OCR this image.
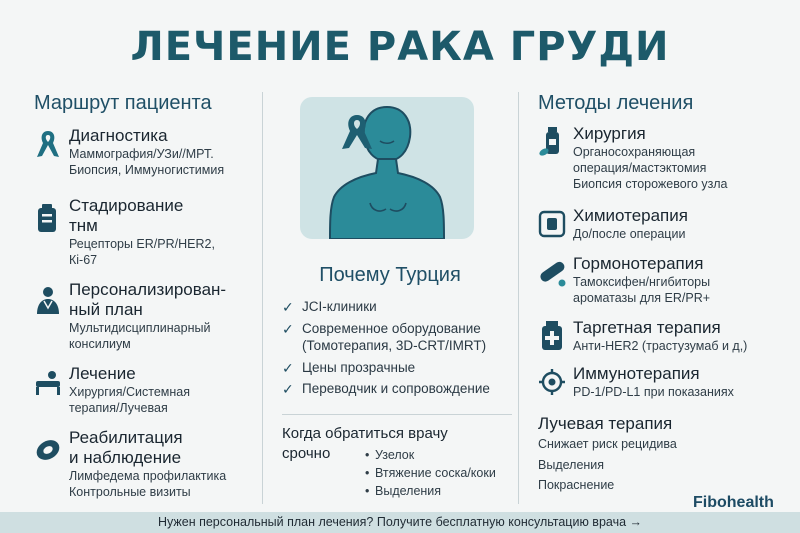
ЛЕЧЕНИЕ РАКА ГРУДИ
Маршрут пациента
Диагностика
Маммография/УЗи//МРТ.
Биопсия, Иммуногистимия
Стадирование
тнм
Рецепторы ER/PR/HER2,
Кi-67
Персонализирован-
ный план
Мультидисциплинарный
консилиум
Лечение
Хирургия/Системная
терапия/Лучевая
Реабилитация
и наблюдение
Лимфедема профилактика
Контрольные визиты
Почему Турция
✓ JCI-клиники
✓ Современное оборудование
(Томотерапия, 3D-CRT/IMRT)
✓ Цены прозрачные
✓ Переводчик и сопровождение
Когда обратиться врачу
срочно
•	Узелок
• Втяжение соска/коки
• Выделения
Методы лечения
Хирургия
Органосохраняющая
операция/мастэктомия
Биопсия сторожевого узла
Химиотерапия
До/после операции
Гормонотерапия
Тамоксифен/нгибиторы
ароматазы для ER/PR+
Таргетная терапия
Анти-HER2 (трастузумаб и д,)
Иммунотерапия
PD-1/PD-L1 при показаниях
Лучевая терапия
Снижает риск рецидива
Выделения
Покраснение
Fibohealth
Нужен персональный план лечения? Получите бесплатную консультацию врача →
